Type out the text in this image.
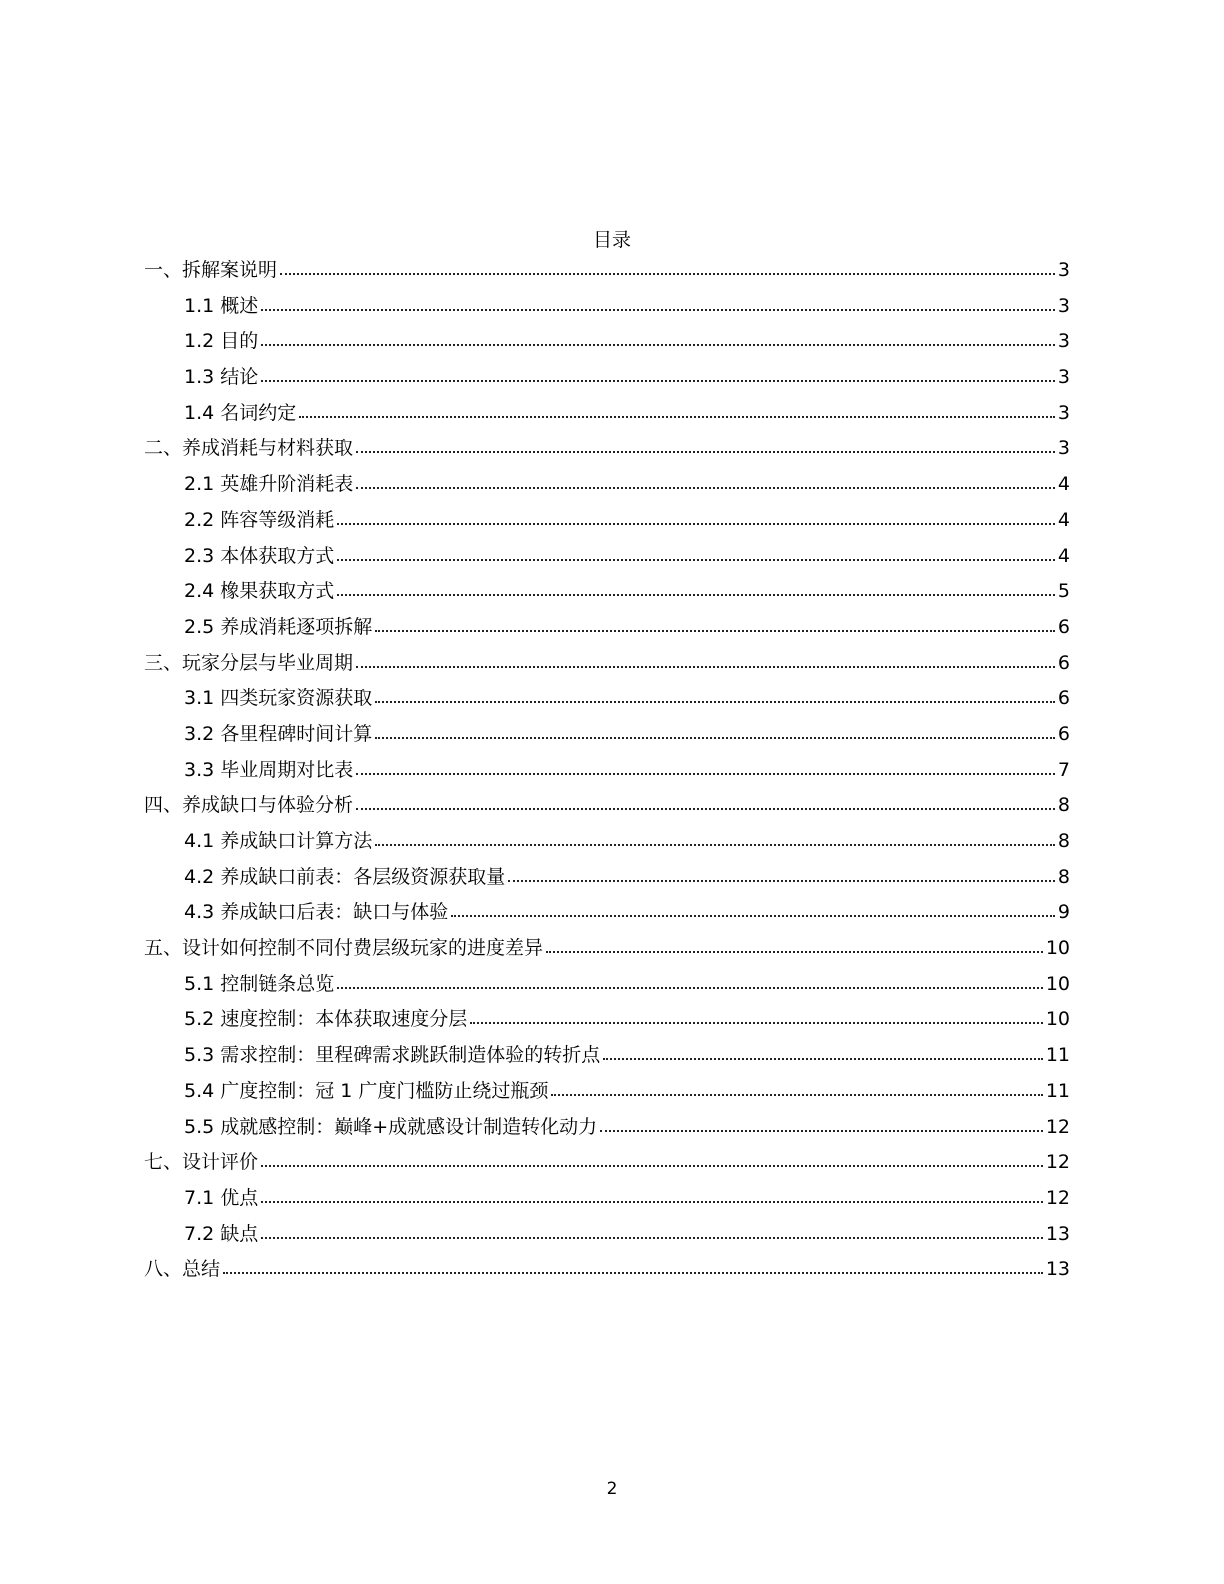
目录
一、拆解案说明	3
1.1 概述	3
1.2 目的	3
1.3 结论	3
1.4 名词约定	3
二、养成消耗与材料获取	3
2.1 英雄升阶消耗表	4
2.2 阵容等级消耗	4
2.3 本体获取方式	4
2.4 橡果获取方式	5
2.5 养成消耗逐项拆解	6
三、玩家分层与毕业周期	6
3.1 四类玩家资源获取	6
3.2 各里程碑时间计算	6
3.3 毕业周期对比表	7
四、养成缺口与体验分析	8
4.1 养成缺口计算方法	8
4.2 养成缺口前表：各层级资源获取量	8
4.3 养成缺口后表：缺口与体验	9
五、设计如何控制不同付费层级玩家的进度差异	10
5.1 控制链条总览	10
5.2 速度控制：本体获取速度分层	10
5.3 需求控制：里程碑需求跳跃制造体验的转折点	11
5.4 广度控制：冠 1 广度门槛防止绕过瓶颈	11
5.5 成就感控制：巅峰+成就感设计制造转化动力	12
七、设计评价	12
7.1 优点	12
7.2 缺点	13
八、总结	13
2
